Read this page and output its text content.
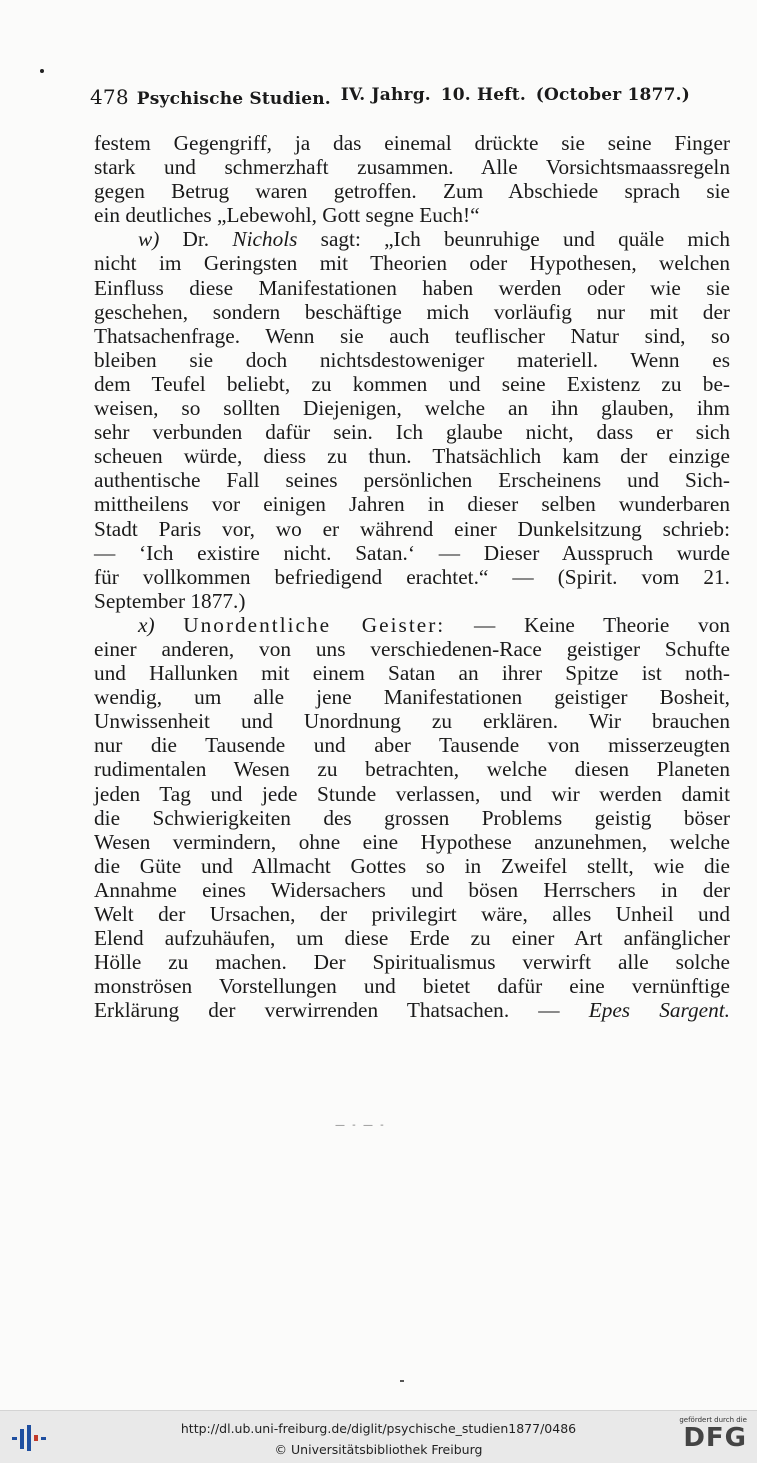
478 Psychische Studien. IV. Jahrg. 10. Heft. (October 1877.)
festem Gegengriff, ja das einemal drückte sie seine Finger
stark und schmerzhaft zusammen. Alle Vorsichtsmaassregeln
gegen Betrug waren getroffen. Zum Abschiede sprach sie
ein deutliches „Lebewohl, Gott segne Euch!“
w) Dr. Nichols sagt: „Ich beunruhige und quäle mich
nicht im Geringsten mit Theorien oder Hypothesen, welchen
Einfluss diese Manifestationen haben werden oder wie sie
geschehen, sondern beschäftige mich vorläufig nur mit der
Thatsachenfrage. Wenn sie auch teuflischer Natur sind, so
bleiben sie doch nichtsdestoweniger materiell. Wenn es
dem Teufel beliebt, zu kommen und seine Existenz zu be-
weisen, so sollten Diejenigen, welche an ihn glauben, ihm
sehr verbunden dafür sein. Ich glaube nicht, dass er sich
scheuen würde, diess zu thun. Thatsächlich kam der einzige
authentische Fall seines persönlichen Erscheinens und Sich-
mittheilens vor einigen Jahren in dieser selben wunderbaren
Stadt Paris vor, wo er während einer Dunkelsitzung schrieb:
— ‘Ich existire nicht. Satan.‘ — Dieser Ausspruch wurde
für vollkommen befriedigend erachtet.“ — (Spirit. vom 21.
September 1877.)
x) Unordentliche Geister: — Keine Theorie von
einer anderen, von uns verschiedenen-Race geistiger Schufte
und Hallunken mit einem Satan an ihrer Spitze ist noth-
wendig, um alle jene Manifestationen geistiger Bosheit,
Unwissenheit und Unordnung zu erklären. Wir brauchen
nur die Tausende und aber Tausende von misserzeugten
rudimentalen Wesen zu betrachten, welche diesen Planeten
jeden Tag und jede Stunde verlassen, und wir werden damit
die Schwierigkeiten des grossen Problems geistig böser
Wesen vermindern, ohne eine Hypothese anzunehmen, welche
die Güte und Allmacht Gottes so in Zweifel stellt, wie die
Annahme eines Widersachers und bösen Herrschers in der
Welt der Ursachen, der privilegirt wäre, alles Unheil und
Elend aufzuhäufen, um diese Erde zu einer Art anfänglicher
Hölle zu machen. Der Spiritualismus verwirft alle solche
monströsen Vorstellungen und bietet dafür eine vernünftige
Erklärung der verwirrenden Thatsachen. — Epes Sargent.
— - — -
http://dl.ub.uni-freiburg.de/diglit/psychische_studien1877/0486
© Universitätsbibliothek Freiburg
gefördert durch die
DFG
